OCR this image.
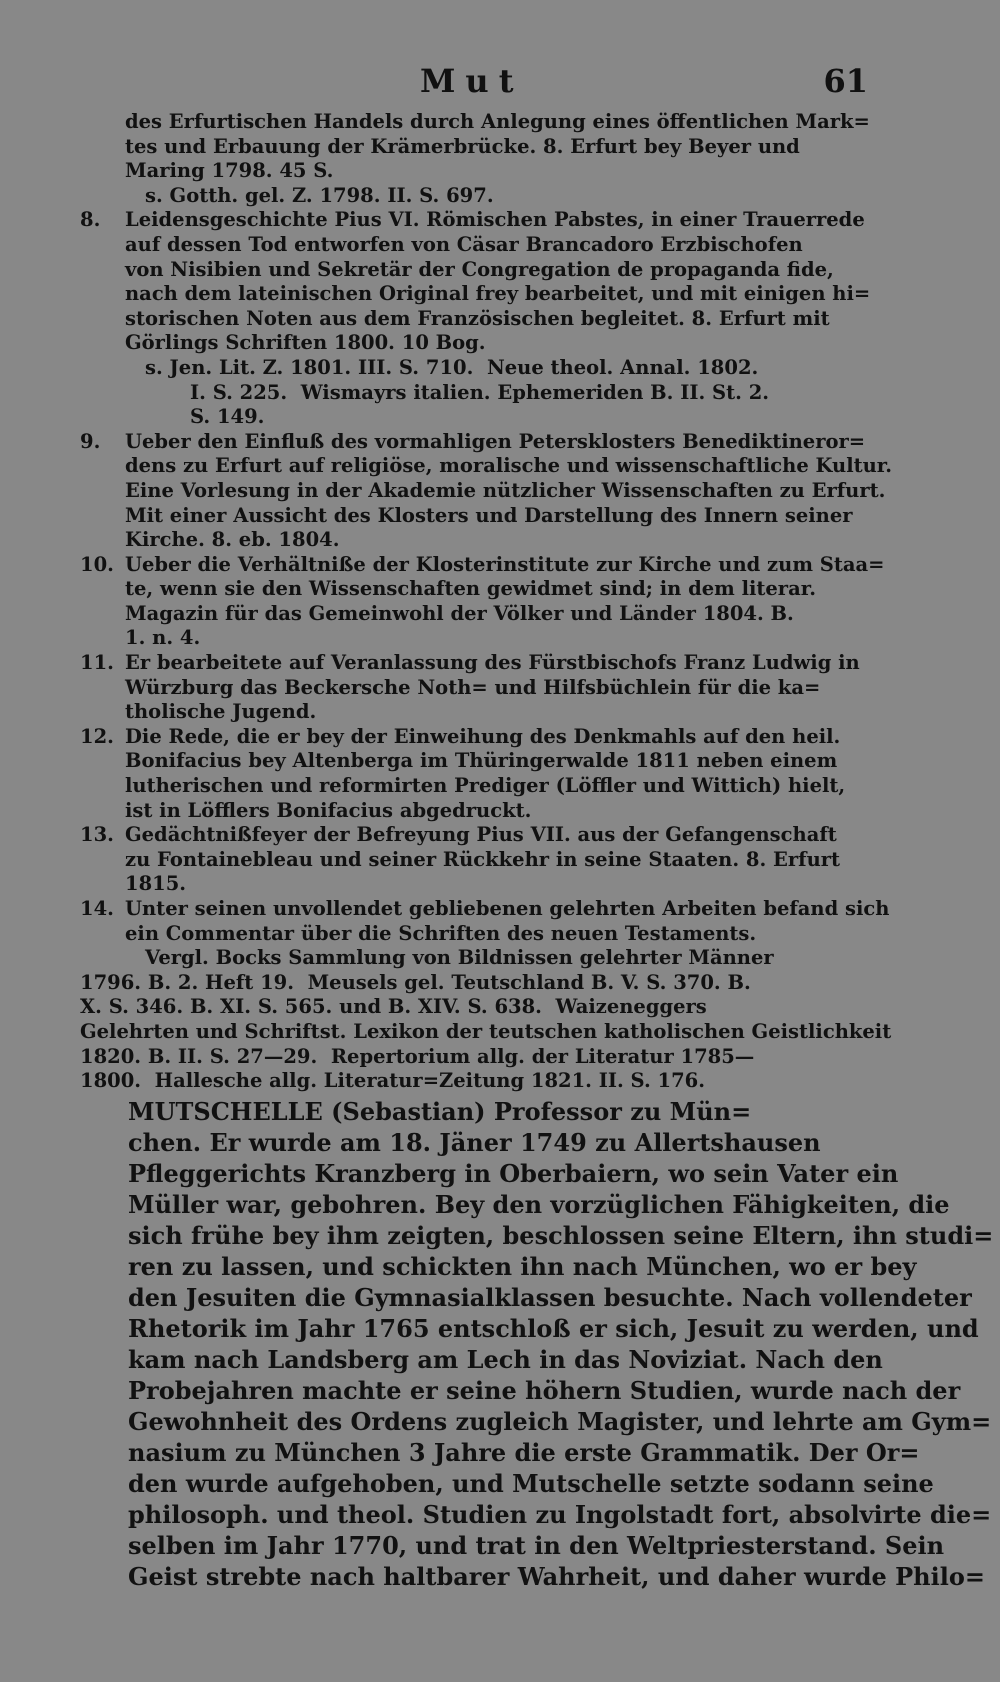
Mut	61
des Erfurtischen Handels durch Anlegung eines öffentlichen Mark=
tes und Erbauung der Krämerbrücke. 8. Erfurt bey Beyer und
Maring 1798. 45 S.
s. Gotth. gel. Z. 1798. II. S. 697.
8.	Leidensgeschichte Pius VI. Römischen Pabstes, in einer Trauerrede
auf dessen Tod entworfen von Cäsar Brancadoro Erzbischofen
von Nisibien und Sekretär der Congregation de propaganda fide,
nach dem lateinischen Original frey bearbeitet, und mit einigen hi=
storischen Noten aus dem Französischen begleitet. 8. Erfurt mit
Görlings Schriften 1800. 10 Bog.
s. Jen. Lit. Z. 1801. III. S. 710.  Neue theol. Annal. 1802.
I. S. 225.  Wismayrs italien. Ephemeriden B. II. St. 2.
S. 149.
9.	Ueber den Einfluß des vormahligen Petersklosters Benediktineror=
dens zu Erfurt auf religiöse, moralische und wissenschaftliche Kultur.
Eine Vorlesung in der Akademie nützlicher Wissenschaften zu Erfurt.
Mit einer Aussicht des Klosters und Darstellung des Innern seiner
Kirche. 8. eb. 1804.
10. Ueber die Verhältniße der Klosterinstitute zur Kirche und zum Staa=
te, wenn sie den Wissenschaften gewidmet sind; in dem literar.
Magazin für das Gemeinwohl der Völker und Länder 1804. B.
1. n. 4.
11. Er bearbeitete auf Veranlassung des Fürstbischofs Franz Ludwig in
Würzburg das Beckersche Noth= und Hilfsbüchlein für die ka=
tholische Jugend.
12. Die Rede, die er bey der Einweihung des Denkmahls auf den heil.
Bonifacius bey Altenberga im Thüringerwalde 1811 neben einem
lutherischen und reformirten Prediger (Löffler und Wittich) hielt,
ist in Löfflers Bonifacius abgedruckt.
13. Gedächtnißfeyer der Befreyung Pius VII. aus der Gefangenschaft
zu Fontainebleau und seiner Rückkehr in seine Staaten. 8. Erfurt
1815.
14. Unter seinen unvollendet gebliebenen gelehrten Arbeiten befand sich
ein Commentar über die Schriften des neuen Testaments.
Vergl. Bocks Sammlung von Bildnissen gelehrter Männer
1796. B. 2. Heft 19.  Meusels gel. Teutschland B. V. S. 370. B.
X. S. 346. B. XI. S. 565. und B. XIV. S. 638.  Waizeneggers
Gelehrten und Schriftst. Lexikon der teutschen katholischen Geistlichkeit
1820. B. II. S. 27—29.  Repertorium allg. der Literatur 1785—
1800.  Hallesche allg. Literatur=Zeitung 1821. II. S. 176.
MUTSCHELLE (Sebastian) Professor zu Mün=
chen. Er wurde am 18. Jäner 1749 zu Allertshausen
Pfleggerichts Kranzberg in Oberbaiern, wo sein Vater ein
Müller war, gebohren. Bey den vorzüglichen Fähigkeiten, die
sich frühe bey ihm zeigten, beschlossen seine Eltern, ihn studi=
ren zu lassen, und schickten ihn nach München, wo er bey
den Jesuiten die Gymnasialklassen besuchte. Nach vollendeter
Rhetorik im Jahr 1765 entschloß er sich, Jesuit zu werden, und
kam nach Landsberg am Lech in das Noviziat. Nach den
Probejahren machte er seine höhern Studien, wurde nach der
Gewohnheit des Ordens zugleich Magister, und lehrte am Gym=
nasium zu München 3 Jahre die erste Grammatik. Der Or=
den wurde aufgehoben, und Mutschelle setzte sodann seine
philosoph. und theol. Studien zu Ingolstadt fort, absolvirte die=
selben im Jahr 1770, und trat in den Weltpriesterstand. Sein
Geist strebte nach haltbarer Wahrheit, und daher wurde Philo=
